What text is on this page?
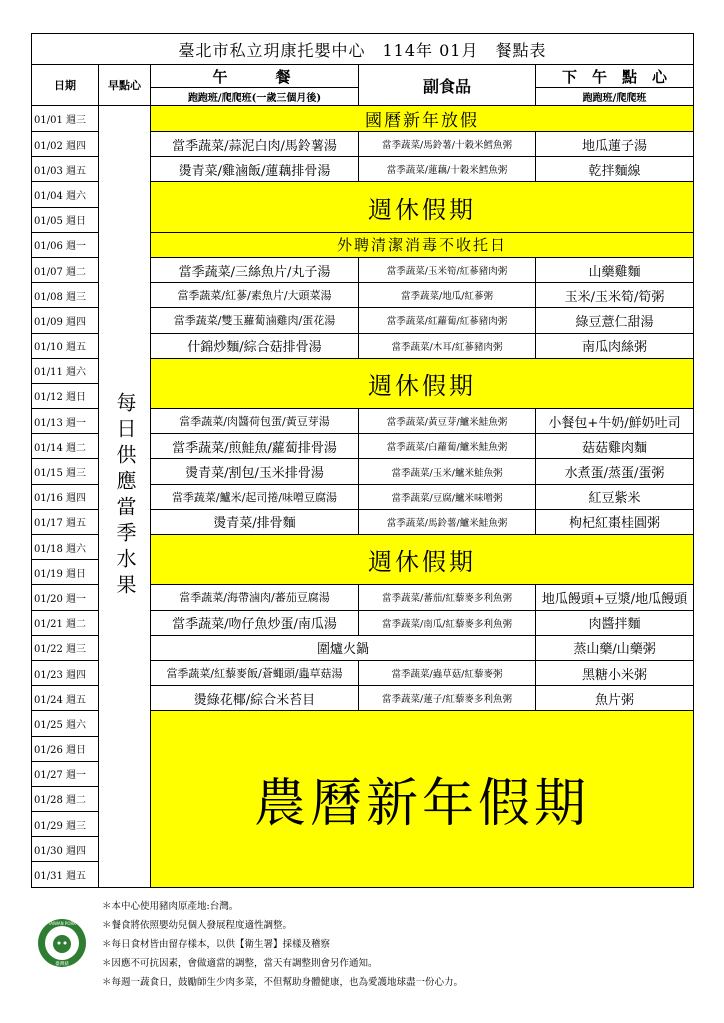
臺北市私立玥康托嬰中心　114年 01月　餐點表				
日期	早點心	午　　餐	副食品	下 午 點 心

		跑跑班/爬爬班(一歲三個月後)		跑跑班/爬爬班
01/01 週三	每日供應當季水果	國曆新年放假		
01/02 週四		當季蔬菜/蒜泥白肉/馬鈴薯湯	當季蔬菜/馬鈴薯/十穀米鱈魚粥	地瓜蓮子湯
01/03 週五		燙青菜/雞滷飯/蓮藕排骨湯	當季蔬菜/蓮藕/十穀米鱈魚粥	乾拌麵線
01/04 週六		週休假期		
01/05 週日				
01/06 週一		外聘清潔消毒不收托日		
01/07 週二		當季蔬菜/三絲魚片/丸子湯	當季蔬菜/玉米筍/紅蔘豬肉粥	山藥雞麵
01/08 週三		當季蔬菜/紅蔘/素魚片/大頭菜湯	當季蔬菜/地瓜/紅蔘粥	玉米/玉米筍/筍粥
01/09 週四		當季蔬菜/雙玉蘿蔔滷雞肉/蛋花湯	當季蔬菜/紅蘿蔔/紅蔘豬肉粥	綠豆薏仁甜湯
01/10 週五		什錦炒麵/綜合菇排骨湯	當季蔬菜/木耳/紅蔘豬肉粥	南瓜肉絲粥
01/11 週六		週休假期		
01/12 週日				
01/13 週一		當季蔬菜/肉醬荷包蛋/黃豆芽湯	當季蔬菜/黃豆芽/鱸米鮭魚粥	小餐包+牛奶/鮮奶吐司
01/14 週二		當季蔬菜/煎鮭魚/蘿蔔排骨湯	當季蔬菜/白蘿蔔/鱸米鮭魚粥	菇菇雞肉麵
01/15 週三		燙青菜/割包/玉米排骨湯	當季蔬菜/玉米/鱸米鮭魚粥	水煮蛋/蒸蛋/蛋粥
01/16 週四		當季蔬菜/鱸米/起司捲/味噌豆腐湯	當季蔬菜/豆腐/鱸米味噌粥	紅豆紫米
01/17 週五		燙青菜/排骨麵	當季蔬菜/馬鈴薯/鱸米鮭魚粥	枸杞紅棗桂圓粥
01/18 週六		週休假期		
01/19 週日				
01/20 週一		當季蔬菜/海帶滷肉/蕃茄豆腐湯	當季蔬菜/蕃茄/紅藜麥多利魚粥	地瓜饅頭+豆漿/地瓜饅頭
01/21 週二		當季蔬菜/吻仔魚炒蛋/南瓜湯	當季蔬菜/南瓜/紅藜麥多利魚粥	肉醬拌麵
01/22 週三		圍爐火鍋		蒸山藥/山藥粥
01/23 週四		當季蔬菜/紅藜麥飯/蒼蠅頭/蟲草菇湯	當季蔬菜/蟲草菇/紅藜麥粥	黑糖小米粥
01/24 週五		燙綠花椰/綜合米苔目	當季蔬菜/蓮子/紅藜麥多利魚粥	魚片粥
01/25 週六		農曆新年假期		
01/26 週日				
01/27 週一				
01/28 週二				
01/29 週三				
01/30 週四				
01/31 週五				
TAIWAN PORK
臺灣豬
＊本中心使用豬肉原產地:台灣。
＊餐食將依照嬰幼兒個人發展程度適性調整。
＊每日食材皆由留存樣本，以供【衛生署】採樣及稽察
＊因應不可抗因素，會做適當的調整，當天有調整則會另作通知。
＊每週一蔬食日，鼓勵師生少肉多菜，不但幫助身體健康，也為愛護地球盡一份心力。
